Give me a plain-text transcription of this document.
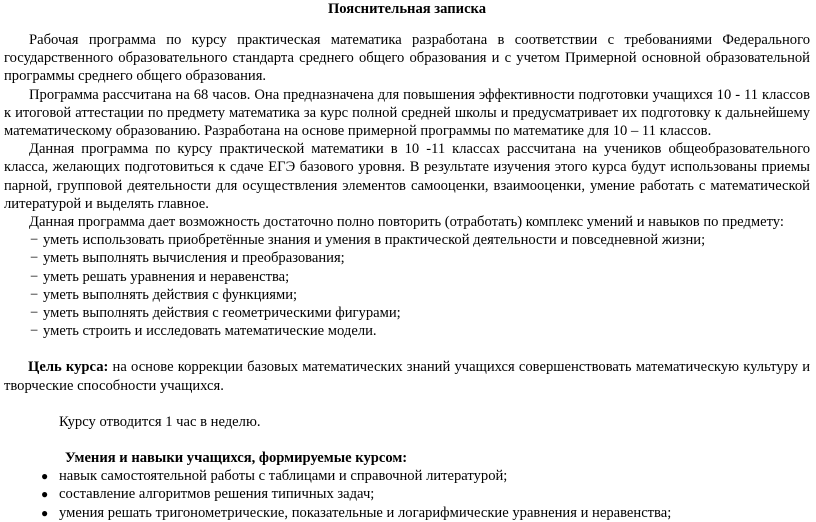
Пояснительная записка

Рабочая программа по курсу практическая математика разработана в соответствии с требованиями Федерального государственного образовательного стандарта среднего общего образования и с учетом Примерной основной образовательной программы среднего общего образования.

Программа рассчитана на 68 часов. Она предназначена для повышения эффективности подготовки учащихся 10 - 11 классов к итоговой аттестации по предмету математика за курс полной средней школы и предусматривает их подготовку к дальнейшему математическому образованию. Разработана на основе примерной программы по математике для 10 – 11 классов.

Данная программа по курсу практической математики в 10 -11 классах рассчитана на учеников общеобразовательного класса, желающих подготовиться к сдаче ЕГЭ базового уровня. В результате изучения этого курса будут использованы приемы парной, групповой деятельности для осуществления элементов самооценки, взаимооценки, умение работать с математической литературой и выделять главное.

Данная программа дает возможность достаточно полно повторить (отработать) комплекс умений и навыков по предмету:

− уметь использовать приобретённые знания и умения в практической деятельности и повседневной жизни;
− уметь выполнять вычисления и преобразования;
− уметь решать уравнения и неравенства;
− уметь выполнять действия с функциями;
− уметь выполнять действия с геометрическими фигурами;
− уметь строить и исследовать математические модели.

Цель курса: на основе коррекции базовых математических знаний учащихся совершенствовать математическую культуру и творческие способности учащихся.

Курсу отводится 1 час в неделю.

Умения и навыки учащихся, формируемые курсом:

● навык самостоятельной работы с таблицами и справочной литературой;
● составление алгоритмов решения типичных задач;
● умения решать тригонометрические, показательные и логарифмические уравнения и неравенства;
